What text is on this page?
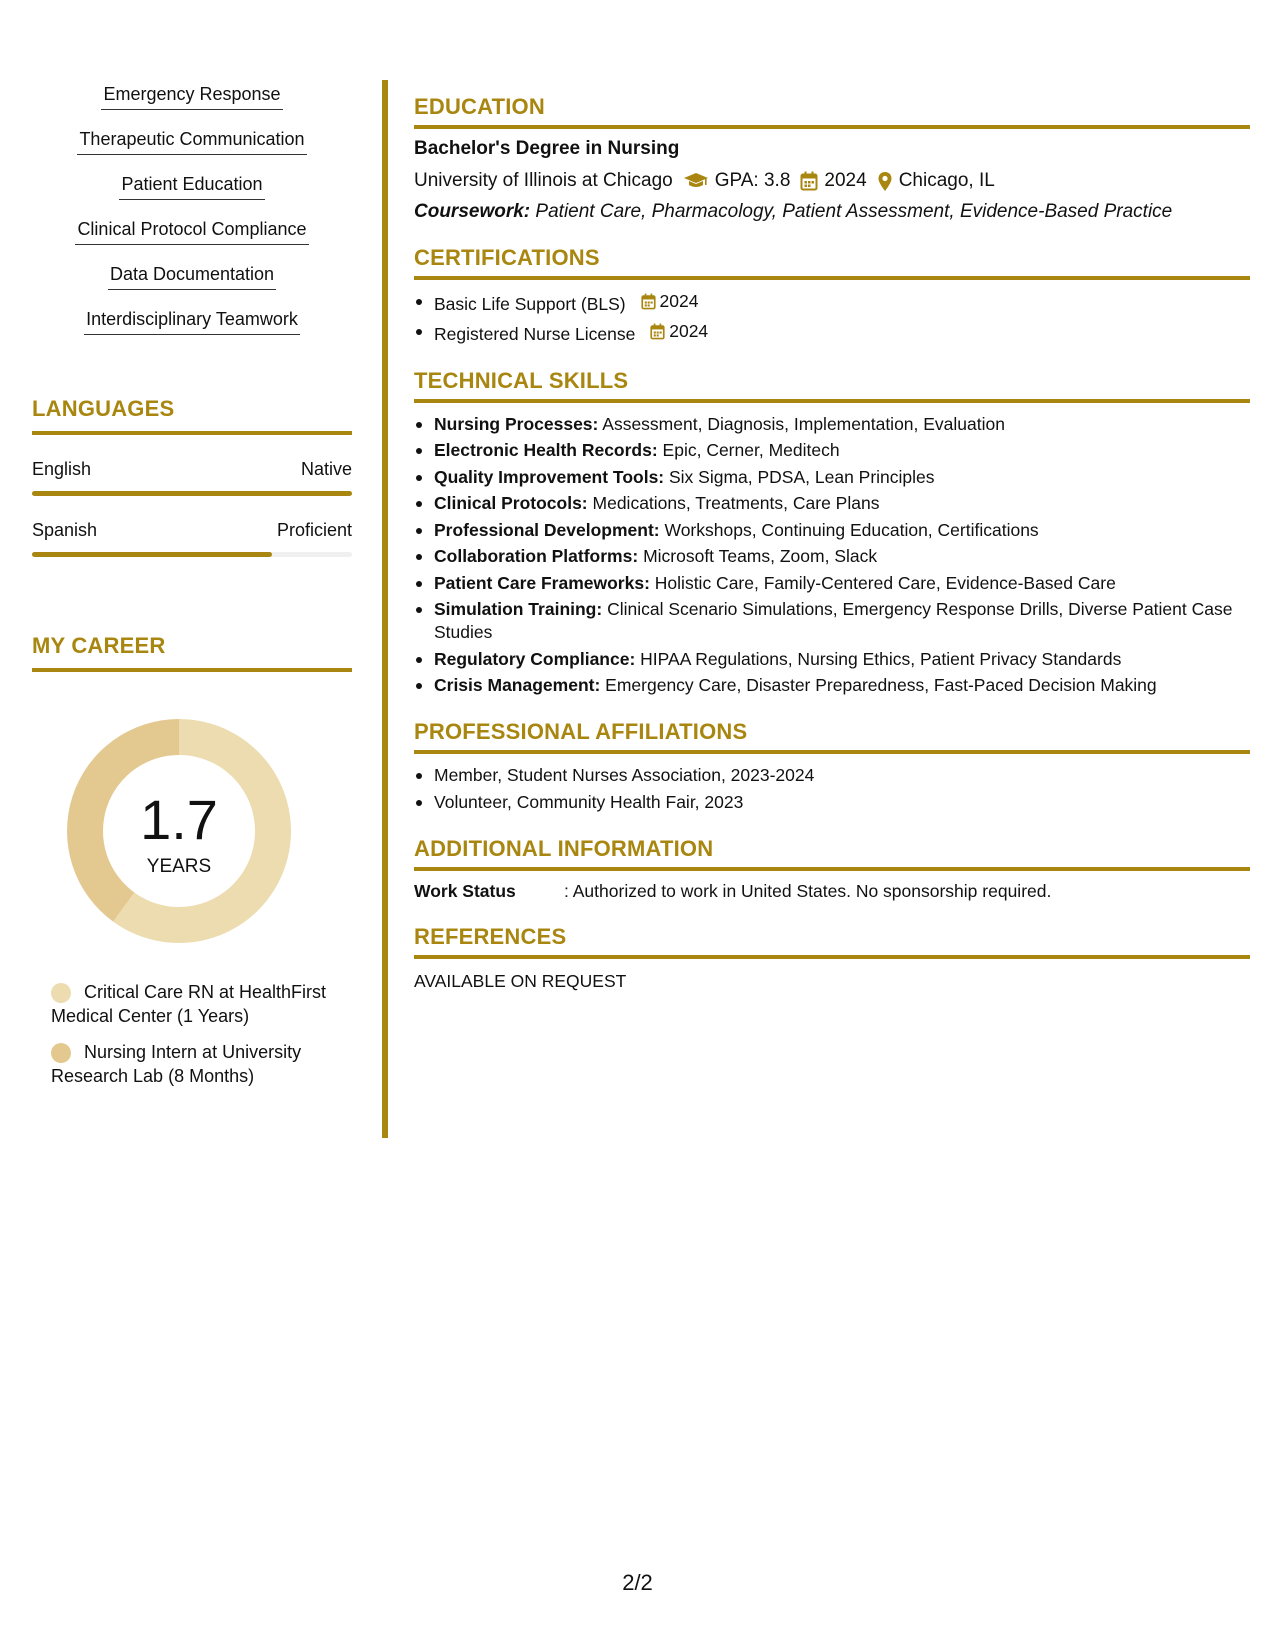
Emergency Response
Therapeutic Communication
Patient Education
Clinical Protocol Compliance
Data Documentation
Interdisciplinary Teamwork
LANGUAGES
English	Native
Spanish	Proficient
MY CAREER
1.7
YEARS
Critical Care RN at HealthFirst Medical Center (1 Years)
Nursing Intern at University Research Lab (8 Months)
EDUCATION
Bachelor's Degree in Nursing
University of Illinois at Chicago GPA: 3.8 2024 Chicago, IL
Coursework: Patient Care, Pharmacology, Patient Assessment, Evidence-Based Practice
CERTIFICATIONS
Basic Life Support (BLS) 2024
Registered Nurse License 2024
TECHNICAL SKILLS
Nursing Processes: Assessment, Diagnosis, Implementation, Evaluation
Electronic Health Records: Epic, Cerner, Meditech
Quality Improvement Tools: Six Sigma, PDSA, Lean Principles
Clinical Protocols: Medications, Treatments, Care Plans
Professional Development: Workshops, Continuing Education, Certifications
Collaboration Platforms: Microsoft Teams, Zoom, Slack
Patient Care Frameworks: Holistic Care, Family-Centered Care, Evidence-Based Care
Simulation Training: Clinical Scenario Simulations, Emergency Response Drills, Diverse Patient Case Studies
Regulatory Compliance: HIPAA Regulations, Nursing Ethics, Patient Privacy Standards
Crisis Management: Emergency Care, Disaster Preparedness, Fast-Paced Decision Making
PROFESSIONAL AFFILIATIONS
Member, Student Nurses Association, 2023-2024
Volunteer, Community Health Fair, 2023
ADDITIONAL INFORMATION
Work Status	: Authorized to work in United States. No sponsorship required.
REFERENCES
AVAILABLE ON REQUEST
2/2
